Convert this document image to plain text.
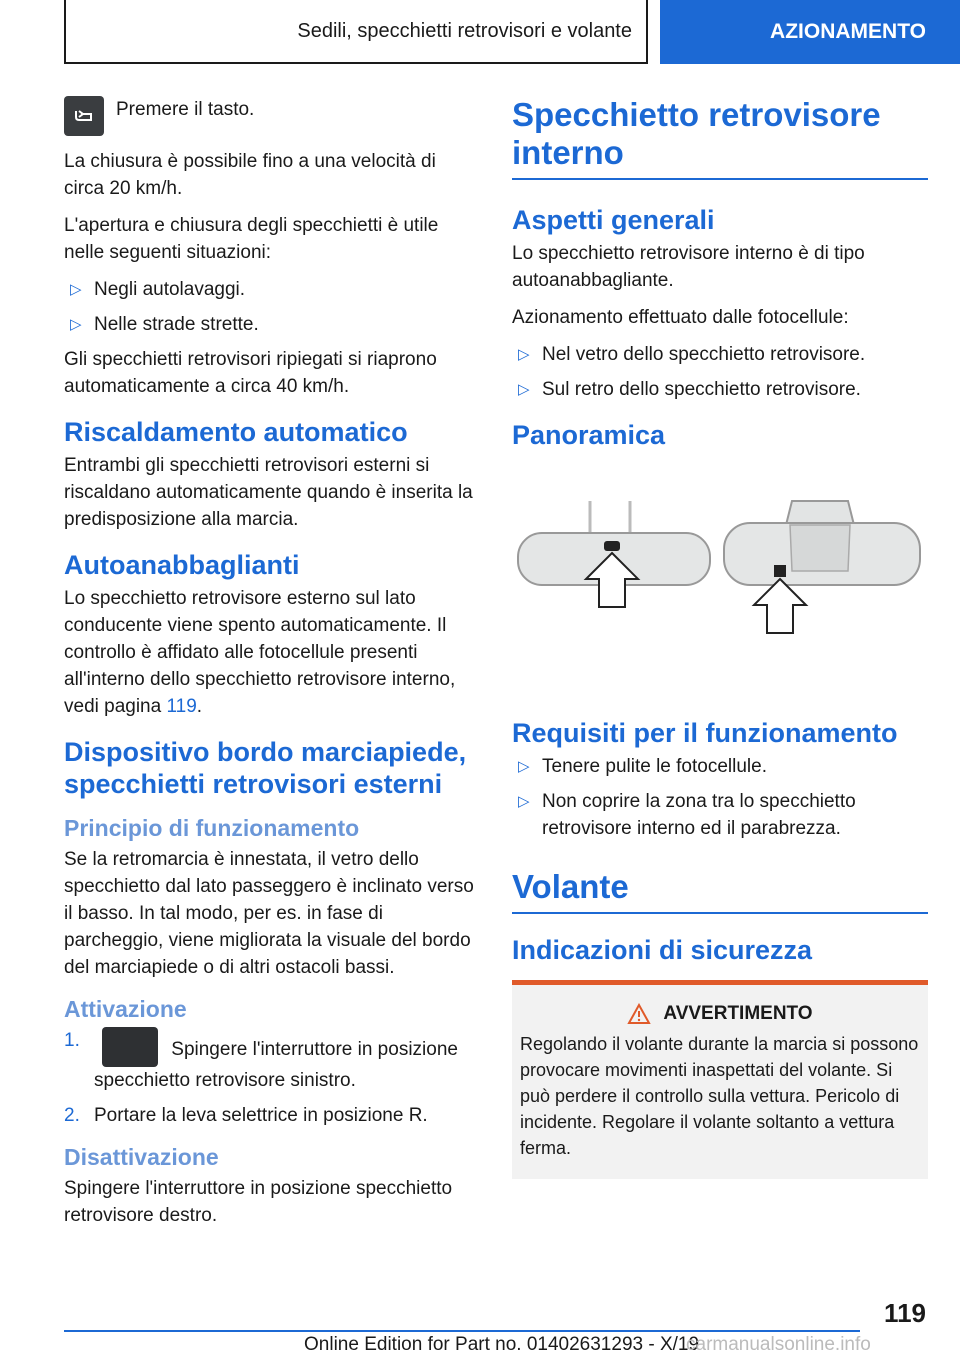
Sedili, specchietti retrovisori e volante	AZIONAMENTO

Premere il tasto.

La chiusura è possibile fino a una velocità di circa 20 km/h.

L'apertura e chiusura degli specchietti è utile nelle seguenti situazioni:

▷ Negli autolavaggi.
▷ Nelle strade strette.

Gli specchietti retrovisori ripiegati si riaprono automaticamente a circa 40 km/h.

Riscaldamento automatico

Entrambi gli specchietti retrovisori esterni si riscaldano automaticamente quando è inserita la predisposizione alla marcia.

Autoanabbaglianti

Lo specchietto retrovisore esterno sul lato conducente viene spento automaticamente. Il controllo è affidato alle fotocellule presenti all'interno dello specchietto retrovisore interno, vedi pagina 119.

Dispositivo bordo marciapiede, specchietti retrovisori esterni
Principio di funzionamento

Se la retromarcia è innestata, il vetro dello specchietto dal lato passeggero è inclinato verso il basso. In tal modo, per es. in fase di parcheggio, viene migliorata la visuale del bordo del marciapiede o di altri ostacoli bassi.

Attivazione
1.	Spingere l'interruttore in posizione specchietto retrovisore sinistro.
2. Portare la leva selettrice in posizione R.
Disattivazione

Spingere l'interruttore in posizione specchietto retrovisore destro.

Specchietto retrovisore interno
Aspetti generali

Lo specchietto retrovisore interno è di tipo autoanabbagliante.

Azionamento effettuato dalle fotocellule:

▷ Nel vetro dello specchietto retrovisore.
▷ Sul retro dello specchietto retrovisore.
Panoramica
Requisiti per il funzionamento
▷ Tenere pulite le fotocellule.
▷ Non coprire la zona tra lo specchietto retrovisore interno ed il parabrezza.
Volante
Indicazioni di sicurezza
AVVERTIMENTO

Regolando il volante durante la marcia si possono provocare movimenti inaspettati del volante. Si può perdere il controllo sulla vettura. Pericolo di incidente. Regolare il volante soltanto a vettura ferma.

119
Online Edition for Part no. 01402631293 - X/19
carmanualsonline.info
